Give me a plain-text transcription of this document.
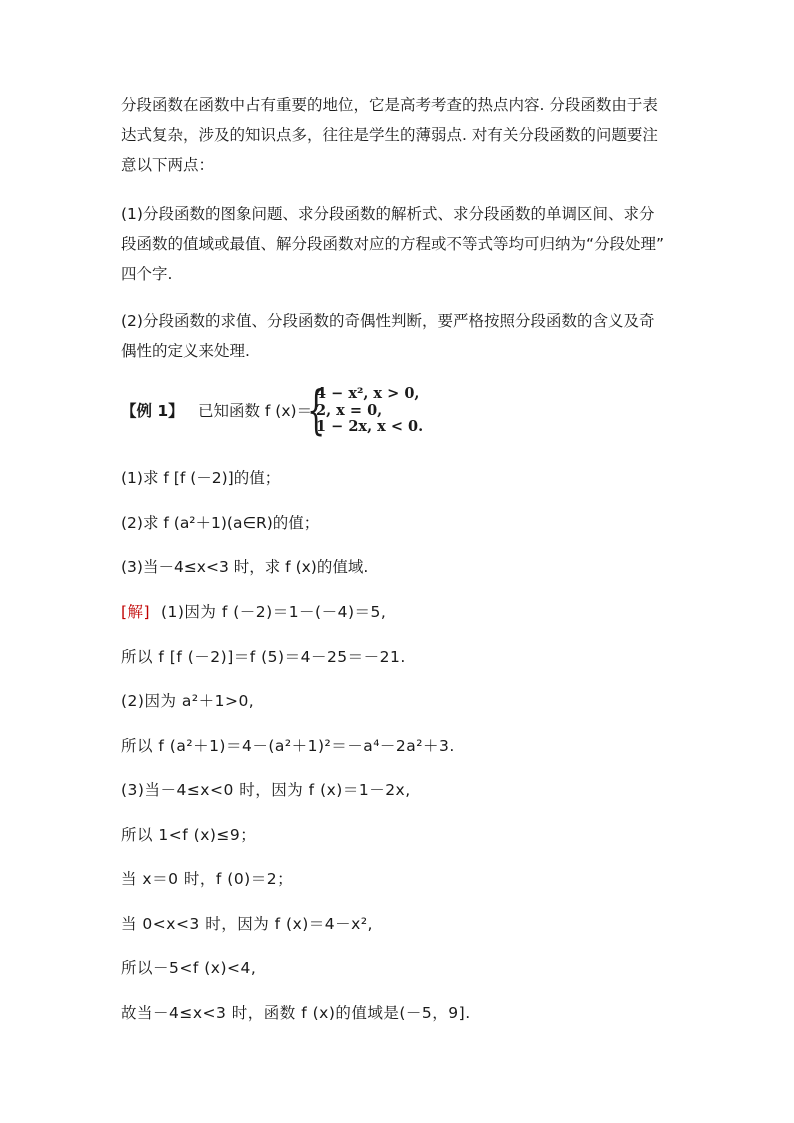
分段函数在函数中占有重要的地位，它是高考考查的热点内容. 分段函数由于表
达式复杂，涉及的知识点多，往往是学生的薄弱点. 对有关分段函数的问题要注
意以下两点：
(1)分段函数的图象问题、求分段函数的解析式、求分段函数的单调区间、求分
段函数的值域或最值、解分段函数对应的方程或不等式等均可归纳为“分段处理”
四个字.
(2)分段函数的求值、分段函数的奇偶性判断，要严格按照分段函数的含义及奇
偶性的定义来处理.
【例 1】 已知函数 f (x)＝
{
4 − x², x > 0,
2, x = 0,
1 − 2x, x < 0.
(1)求 f [f (－2)]的值；
(2)求 f (a²＋1)(a∈R)的值；
(3)当－4≤x<3 时，求 f (x)的值域.
[解] (1)因为 f (－2)＝1－(－4)＝5,
所以 f [f (－2)]＝f (5)＝4－25＝－21.
(2)因为 a²＋1>0,
所以 f (a²＋1)＝4－(a²＋1)²＝－a⁴－2a²＋3.
(3)当－4≤x<0 时，因为 f (x)＝1－2x,
所以 1<f (x)≤9；
当 x＝0 时，f (0)＝2；
当 0<x<3 时，因为 f (x)＝4－x²,
所以－5<f (x)<4,
故当－4≤x<3 时，函数 f (x)的值域是(－5，9].
